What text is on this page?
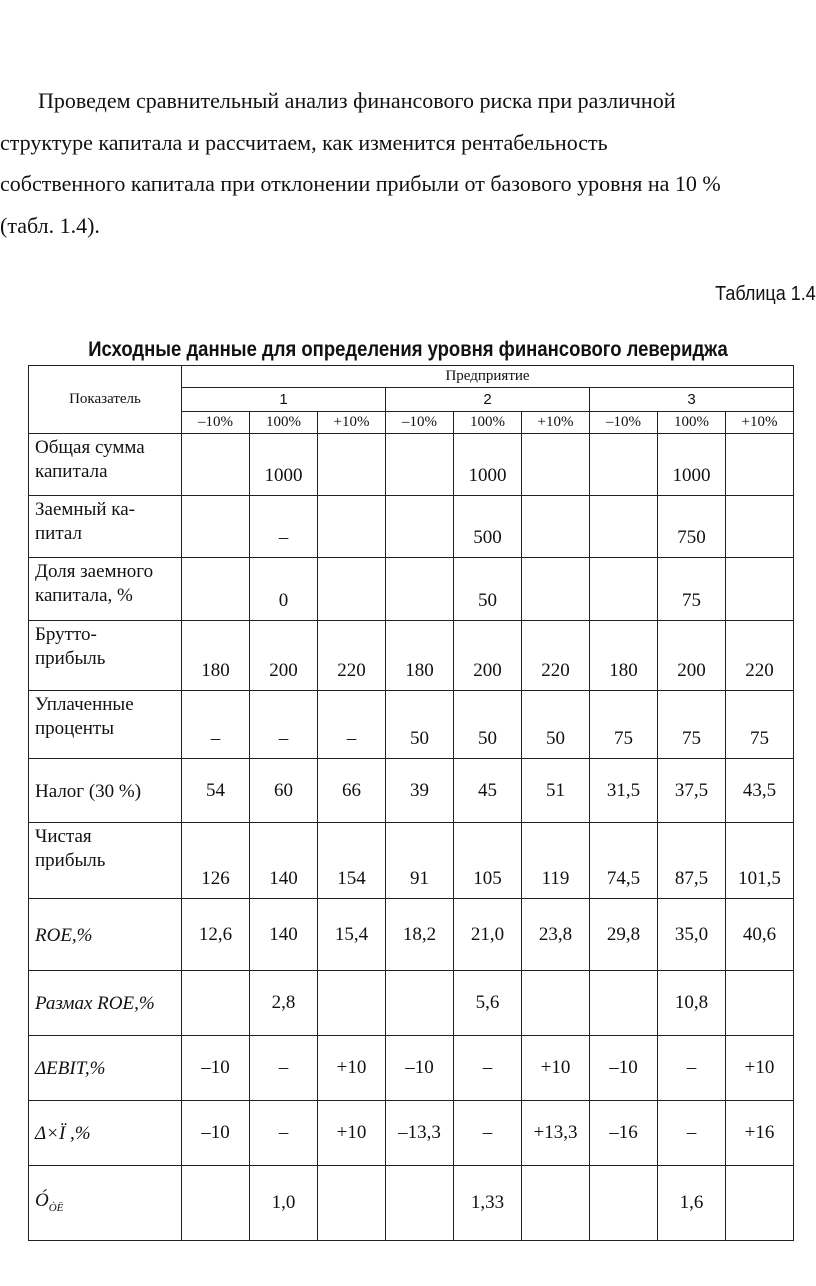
Проведем сравнительный анализ финансового риска при различной

структуре капитала и рассчитаем, как изменится рентабельность

собственного капитала при отклонении прибыли от базового уровня на 10 %

(табл. 1.4).

Таблица 1.4
Исходные данные для определения уровня финансового левериджа
Показатель	Предприятие								
	1			2			3		
	–10%	100%	+10%	–10%	100%	+10%	–10%	100%	+10%

Общая сумма
капитала		1000			1000			1000	

Заемный ка-
питал		–			500			750	

Доля заемного
капитала, %		0			50			75	

Брутто-
прибыль	180	200	220	180	200	220	180	200	220

Уплаченные
проценты	–	–	–	50	50	50	75	75	75

Налог (30 %)	54	60	66	39	45	51	31,5	37,5	43,5

Чистая
прибыль	126	140	154	91	105	119	74,5	87,5	101,5

ROE,%	12,6	140	15,4	18,2	21,0	23,8	29,8	35,0	40,6

Размах ROE,%		2,8			5,6			10,8	

ΔEBIT,%	–10	–	+10	–10	–	+10	–10	–	+10

Δ×Ï ,%	–10	–	+10	–13,3	–	+13,3	–16	–	+16
$Ó_{ÒË}$		1,0			1,33			1,6	
